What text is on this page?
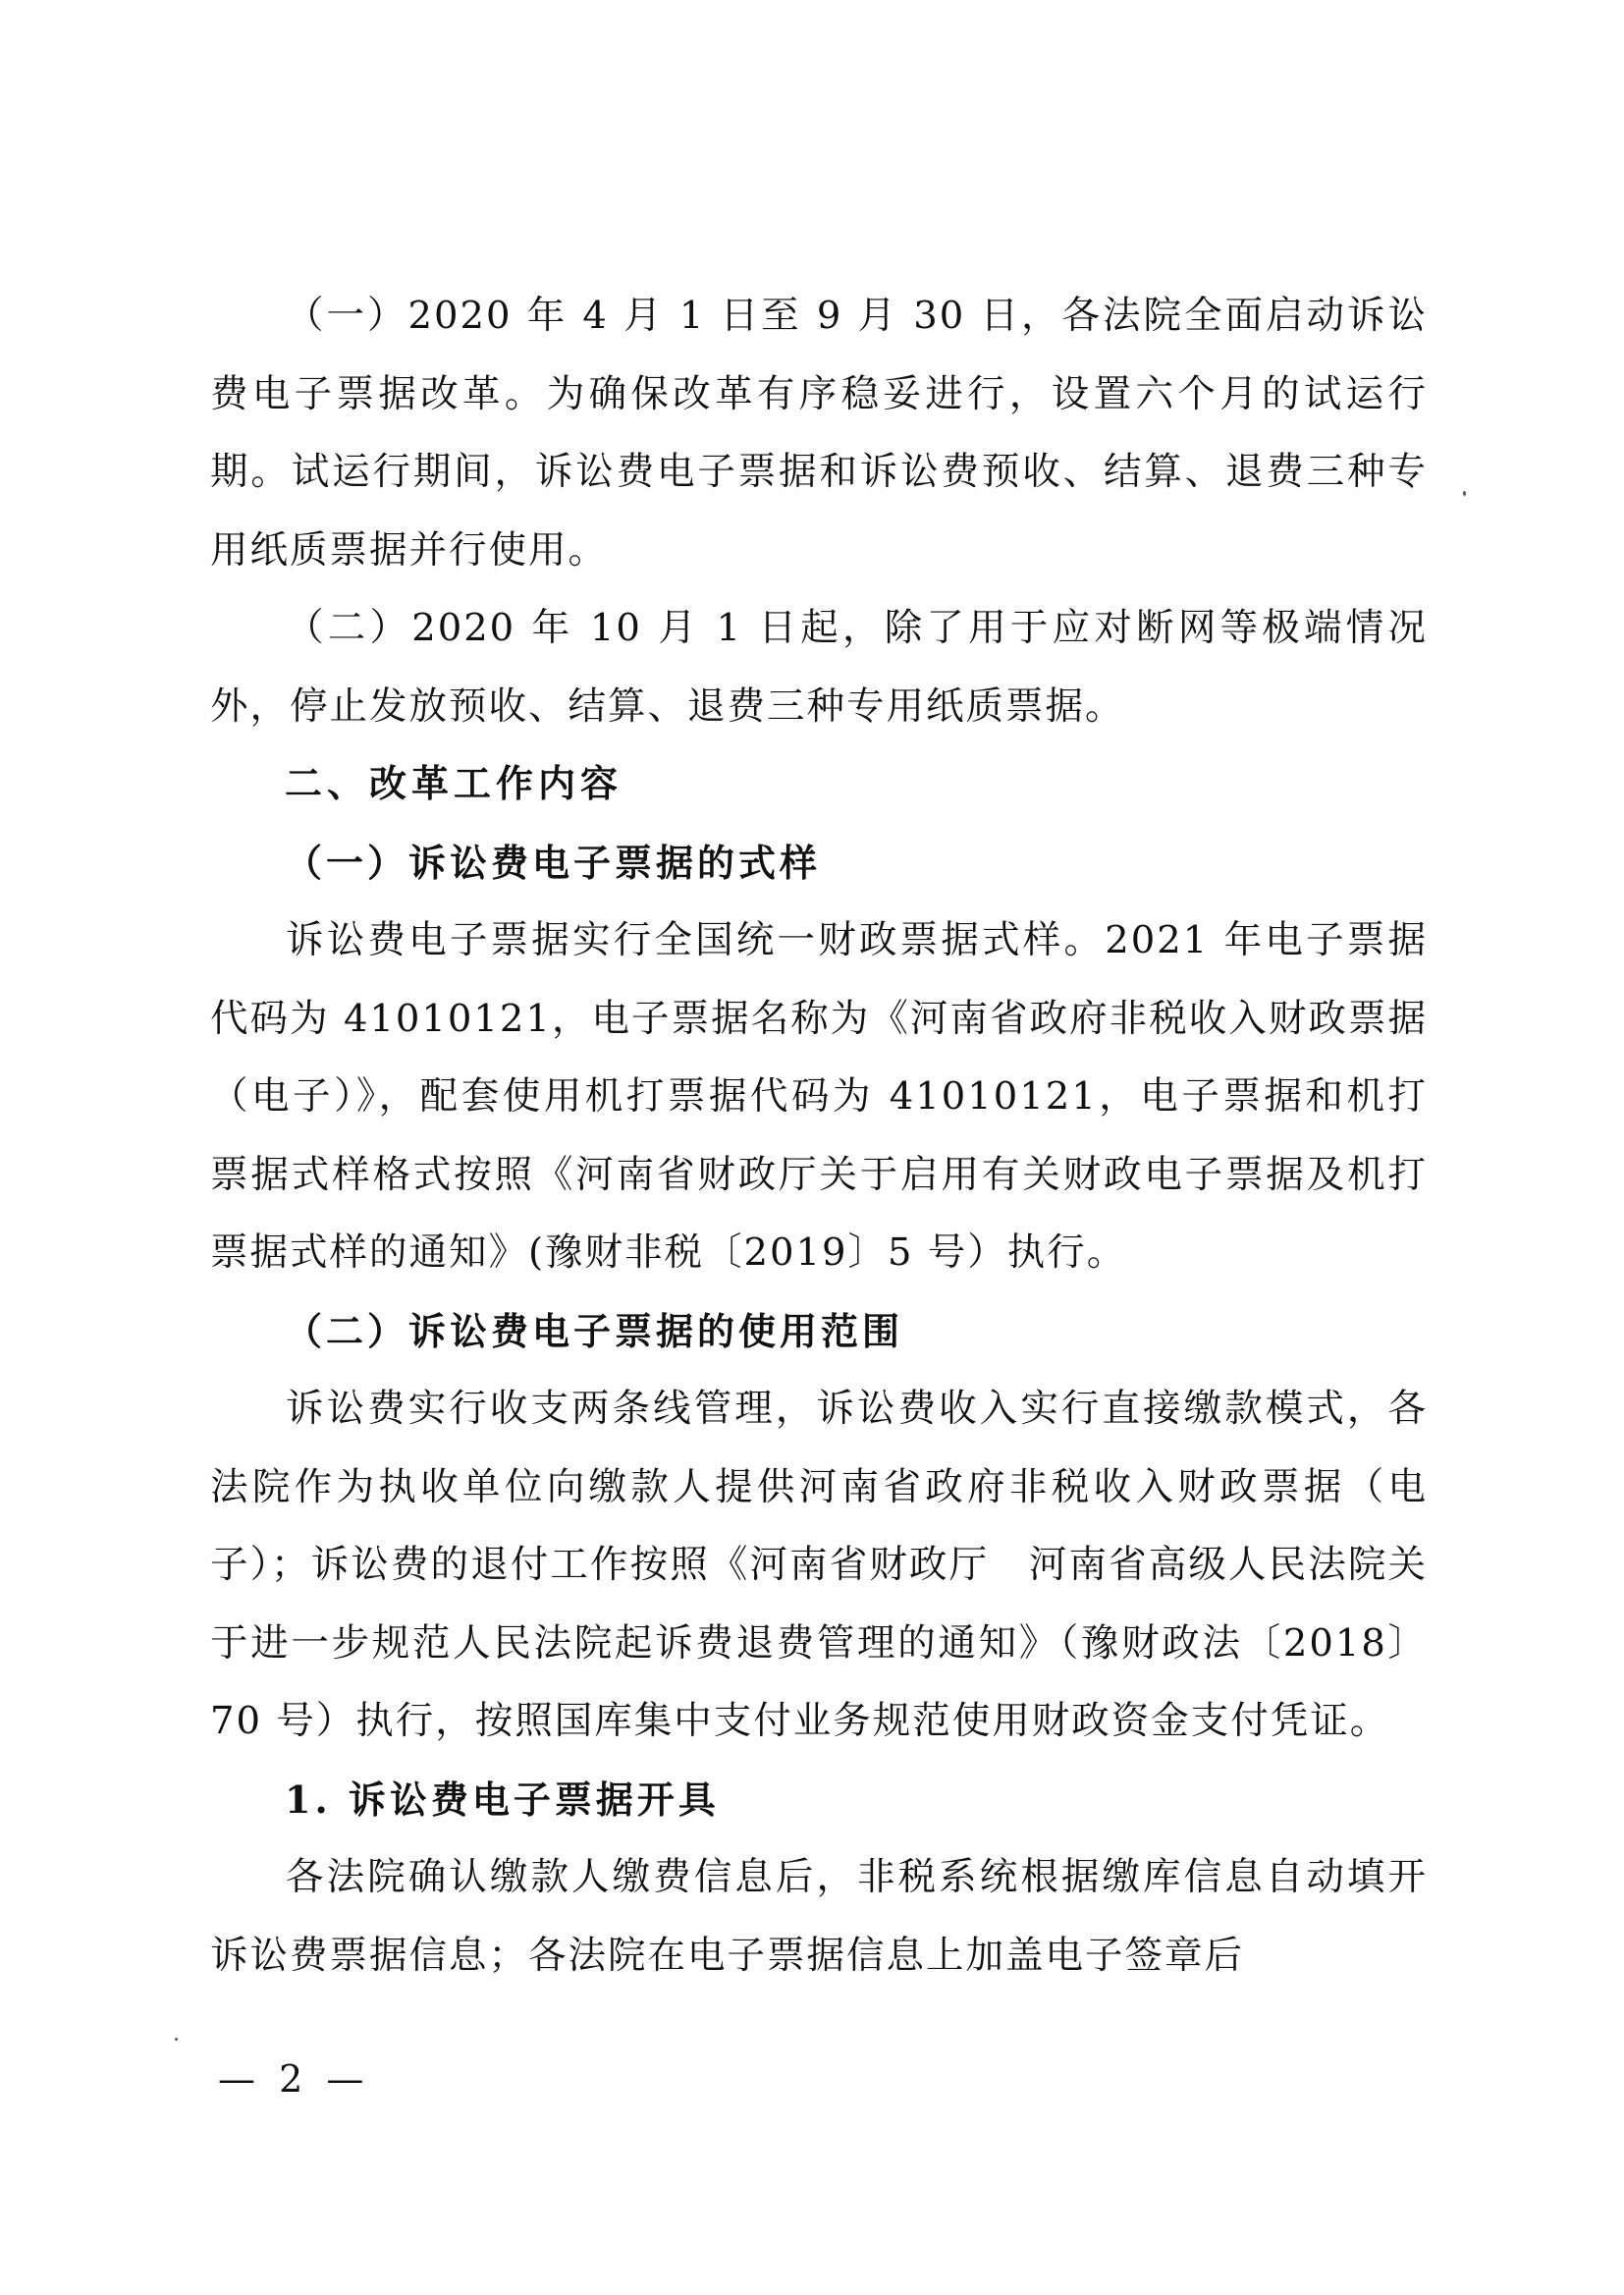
（一）2020 年 4 月 1 日至 9 月 30 日，各法院全面启动诉讼费电子票据改革。为确保改革有序稳妥进行，设置六个月的试运行期。试运行期间，诉讼费电子票据和诉讼费预收、结算、退费三种专用纸质票据并行使用。

（二）2020 年 10 月 1 日起，除了用于应对断网等极端情况外，停止发放预收、结算、退费三种专用纸质票据。

二、改革工作内容

（一）诉讼费电子票据的式样

诉讼费电子票据实行全国统一财政票据式样。2021 年电子票据代码为 41010121，电子票据名称为《河南省政府非税收入财政票据（电子）》，配套使用机打票据代码为 41010121，电子票据和机打票据式样格式按照《河南省财政厅关于启用有关财政电子票据及机打票据式样的通知》(豫财非税〔2019〕5 号）执行。

（二）诉讼费电子票据的使用范围

诉讼费实行收支两条线管理，诉讼费收入实行直接缴款模式，各法院作为执收单位向缴款人提供河南省政府非税收入财政票据（电子）；诉讼费的退付工作按照《河南省财政厅　河南省高级人民法院关于进一步规范人民法院起诉费退费管理的通知》（豫财政法〔2018〕70 号）执行，按照国库集中支付业务规范使用财政资金支付凭证。

1. 诉讼费电子票据开具

各法院确认缴款人缴费信息后，非税系统根据缴库信息自动填开诉讼费票据信息；各法院在电子票据信息上加盖电子签章后

— 2 —
